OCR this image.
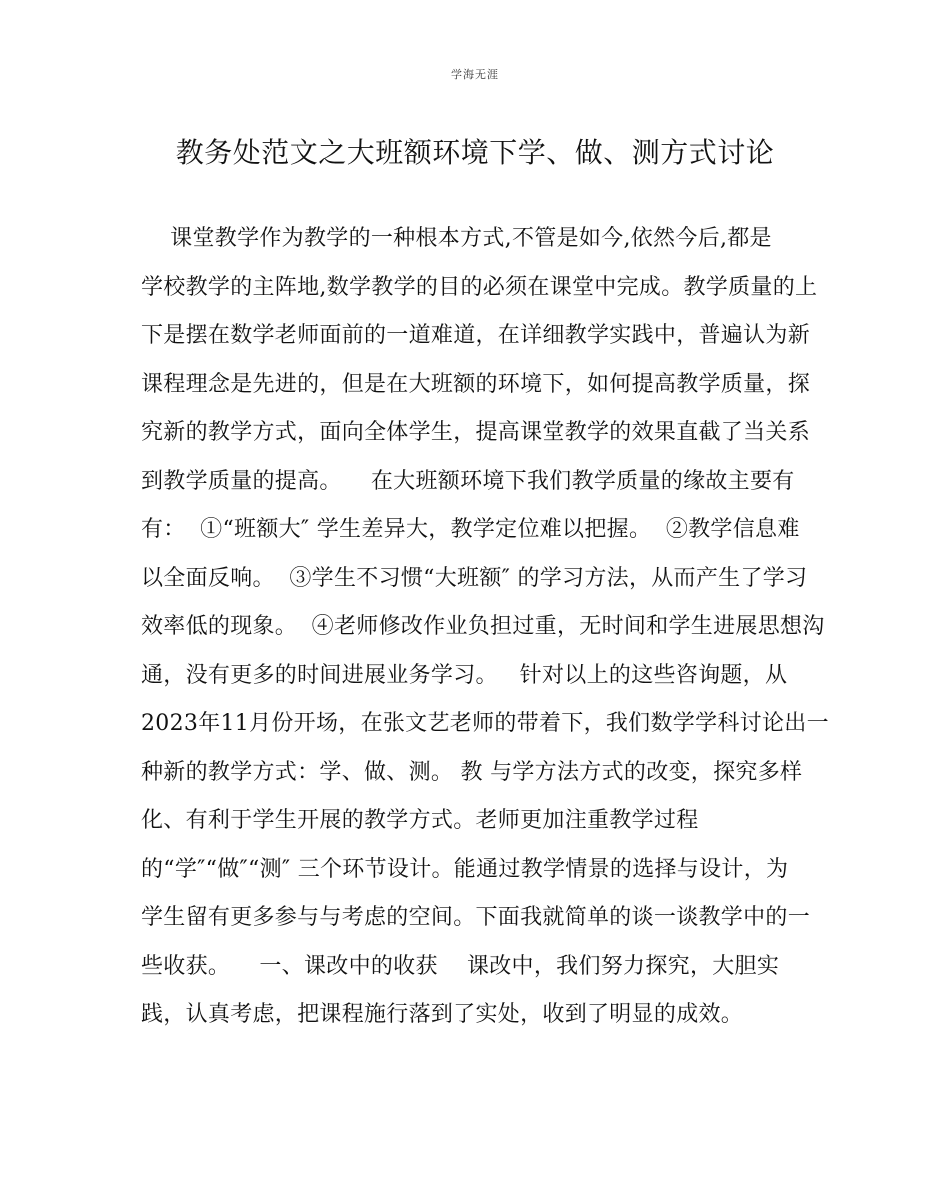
学海无涯
教务处范文之大班额环境下学、做、测方式讨论
课堂教学作为教学的一种根本方式,不管是如今,依然今后,都是
学校教学的主阵地,数学教学的目的必须在课堂中完成。教学质量的上
下是摆在数学老师面前的一道难道，在详细教学实践中，普遍认为新
课程理念是先进的，但是在大班额的环境下，如何提高教学质量，探
究新的教学方式，面向全体学生，提高课堂教学的效果直截了当关系
到教学质量的提高。    在大班额环境下我们教学质量的缘故主要有
有：  ①“班额大″ 学生差异大，教学定位难以把握。  ②教学信息难
以全面反响。  ③学生不习惯“大班额″ 的学习方法，从而产生了学习
效率低的现象。  ④老师修改作业负担过重，无时间和学生进展思想沟
通，没有更多的时间进展业务学习。   针对以上的这些咨询题，从
2023年11月份开场，在张文艺老师的带着下，我们数学学科讨论出一
种新的教学方式：学、做、测。 教 与学方法方式的改变，探究多样
化、有利于学生开展的教学方式。老师更加注重教学过程
的“学″“做″“测″ 三个环节设计。能通过教学情景的选择与设计，为
学生留有更多参与与考虑的空间。下面我就简单的谈一谈教学中的一
些收获。    一、课改中的收获    课改中，我们努力探究，大胆实
践，认真考虑，把课程施行落到了实处，收到了明显的成效。
